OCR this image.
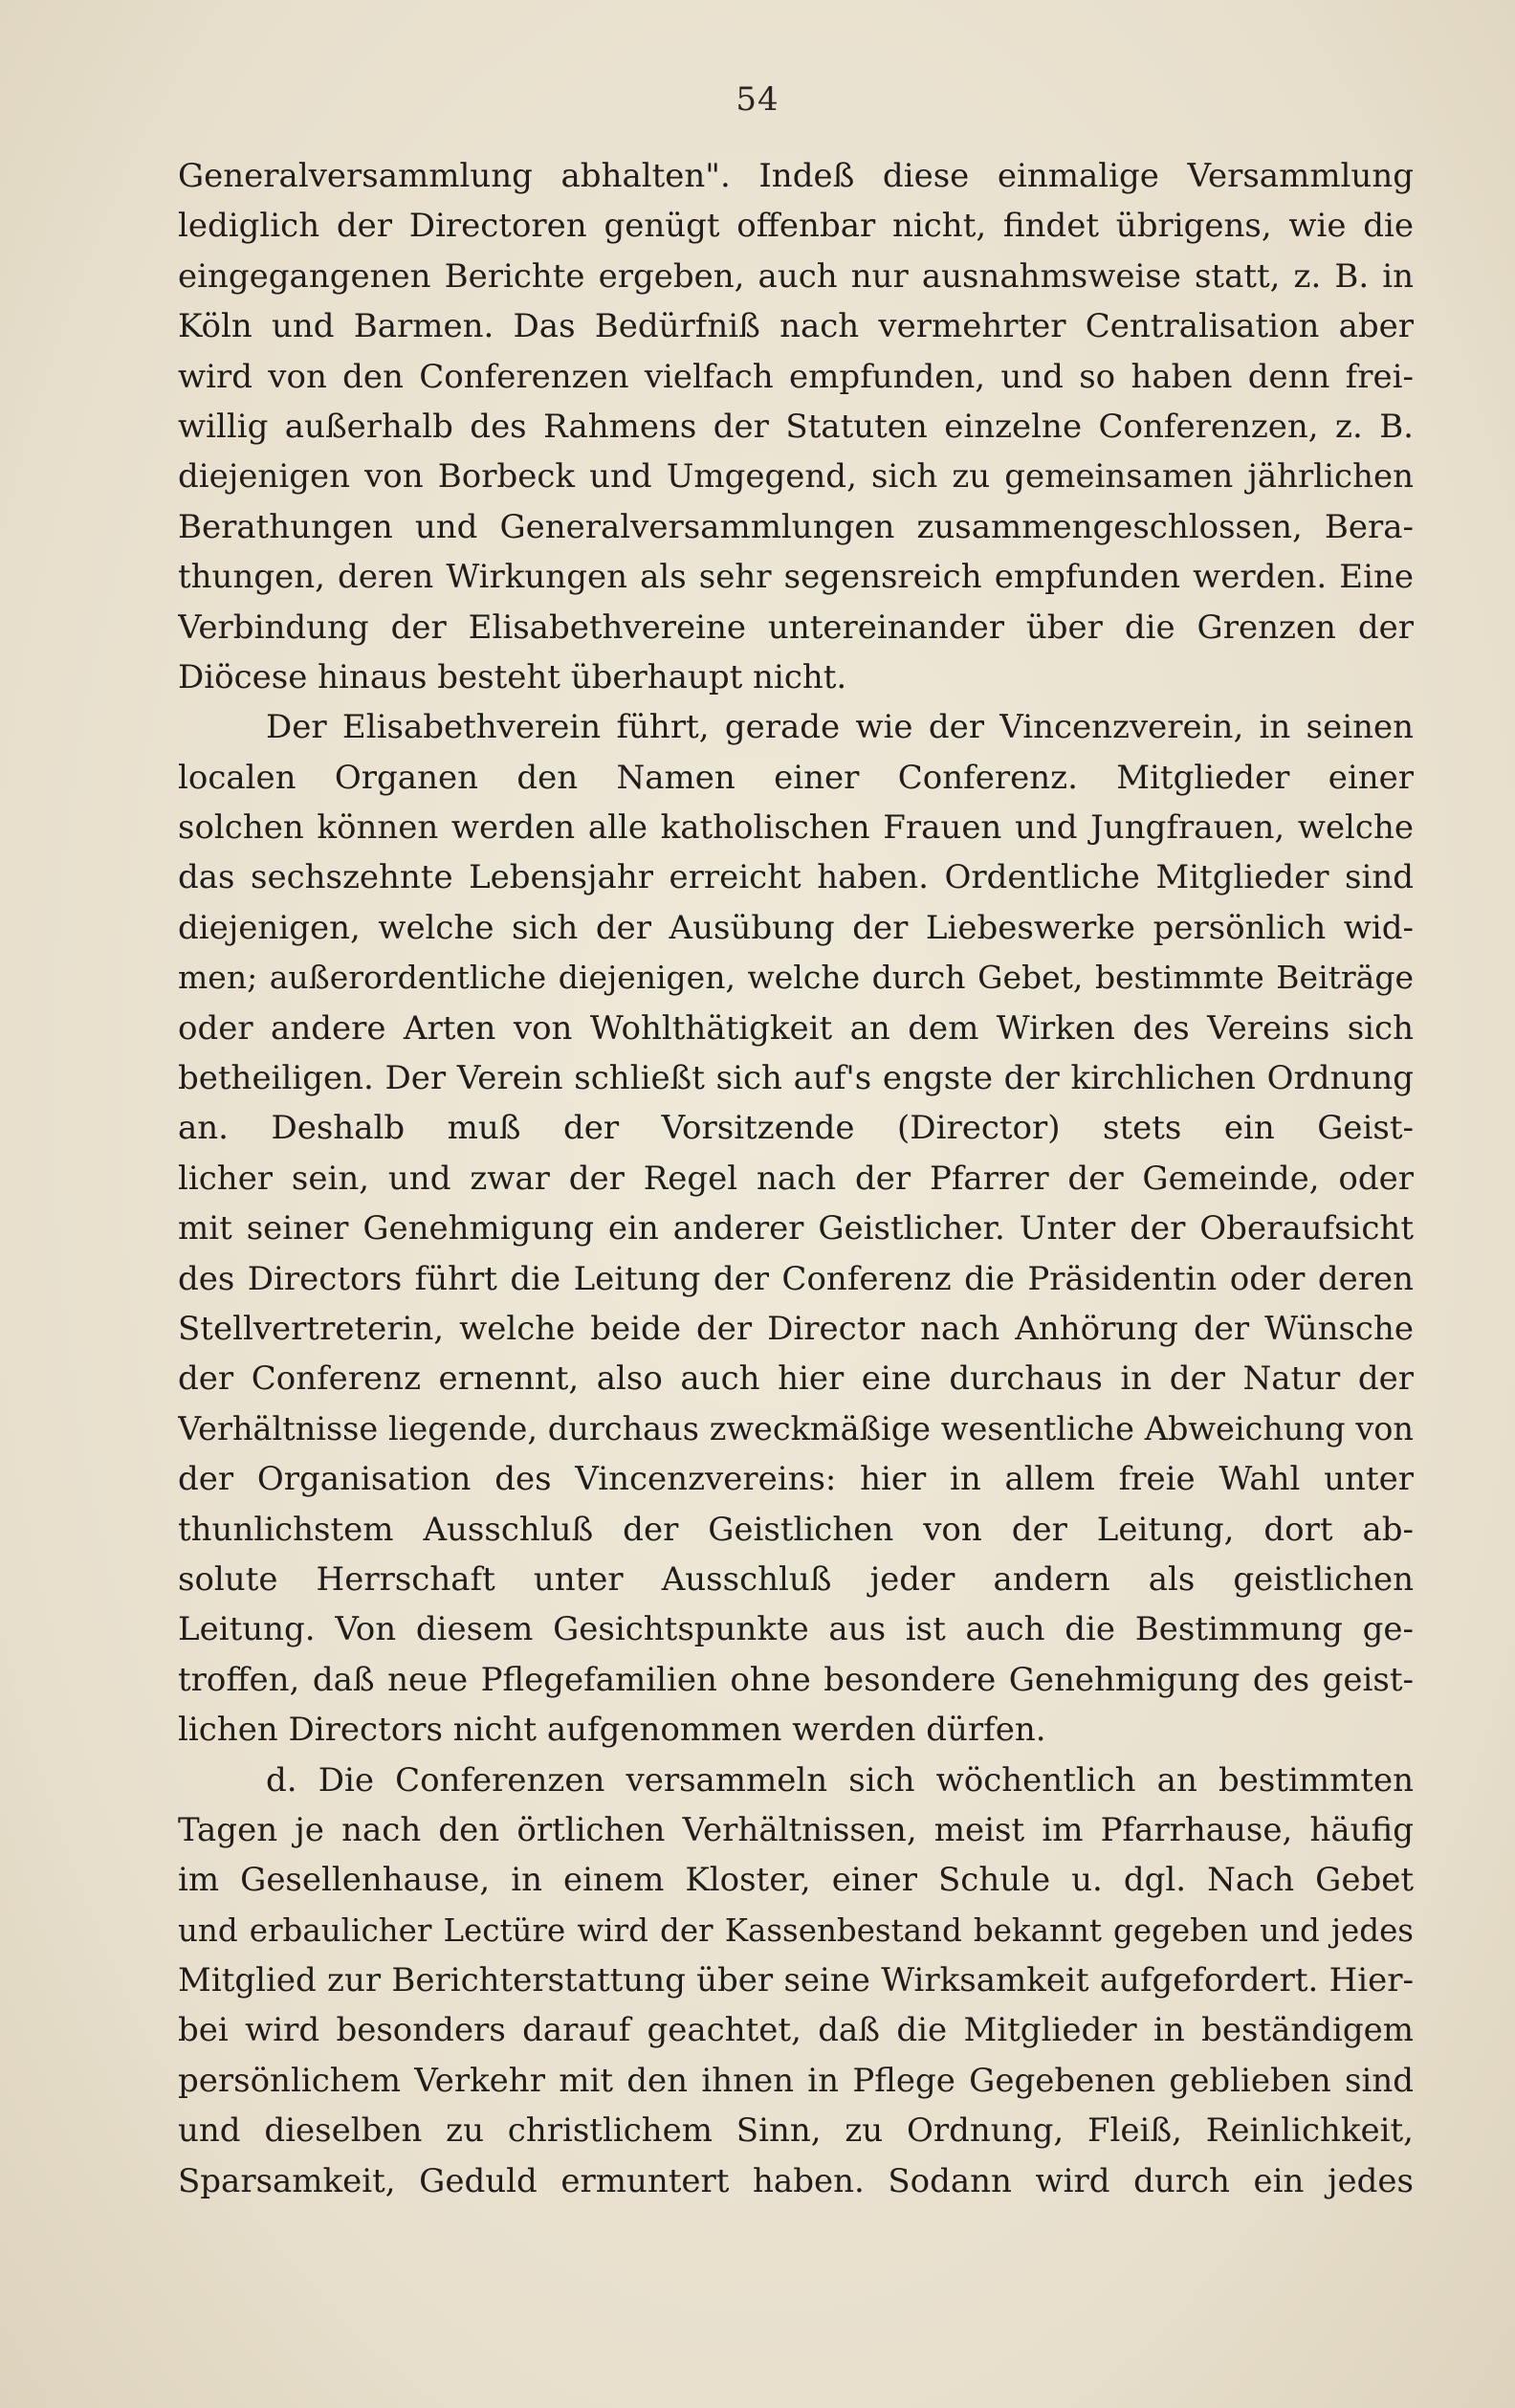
54
Generalversammlung abhalten". Indeß diese einmalige Versammlung
lediglich der Directoren genügt offenbar nicht, findet übrigens, wie die
eingegangenen Berichte ergeben, auch nur ausnahmsweise statt, z. B. in
Köln und Barmen. Das Bedürfniß nach vermehrter Centralisation aber
wird von den Conferenzen vielfach empfunden, und so haben denn frei-
willig außerhalb des Rahmens der Statuten einzelne Conferenzen, z. B.
diejenigen von Borbeck und Umgegend, sich zu gemeinsamen jährlichen
Berathungen und Generalversammlungen zusammengeschlossen, Bera-
thungen, deren Wirkungen als sehr segensreich empfunden werden. Eine
Verbindung der Elisabethvereine untereinander über die Grenzen der
Diöcese hinaus besteht überhaupt nicht.
Der Elisabethverein führt, gerade wie der Vincenzverein, in seinen
localen Organen den Namen einer Conferenz. Mitglieder einer
solchen können werden alle katholischen Frauen und Jungfrauen, welche
das sechszehnte Lebensjahr erreicht haben. Ordentliche Mitglieder sind
diejenigen, welche sich der Ausübung der Liebeswerke persönlich wid-
men; außerordentliche diejenigen, welche durch Gebet, bestimmte Beiträge
oder andere Arten von Wohlthätigkeit an dem Wirken des Vereins sich
betheiligen. Der Verein schließt sich auf's engste der kirchlichen Ordnung
an. Deshalb muß der Vorsitzende (Director) stets ein Geist-
licher sein, und zwar der Regel nach der Pfarrer der Gemeinde, oder
mit seiner Genehmigung ein anderer Geistlicher. Unter der Oberaufsicht
des Directors führt die Leitung der Conferenz die Präsidentin oder deren
Stellvertreterin, welche beide der Director nach Anhörung der Wünsche
der Conferenz ernennt, also auch hier eine durchaus in der Natur der
Verhältnisse liegende, durchaus zweckmäßige wesentliche Abweichung von
der Organisation des Vincenzvereins: hier in allem freie Wahl unter
thunlichstem Ausschluß der Geistlichen von der Leitung, dort ab-
solute Herrschaft unter Ausschluß jeder andern als geistlichen
Leitung. Von diesem Gesichtspunkte aus ist auch die Bestimmung ge-
troffen, daß neue Pflegefamilien ohne besondere Genehmigung des geist-
lichen Directors nicht aufgenommen werden dürfen.
d. Die Conferenzen versammeln sich wöchentlich an bestimmten
Tagen je nach den örtlichen Verhältnissen, meist im Pfarrhause, häufig
im Gesellenhause, in einem Kloster, einer Schule u. dgl. Nach Gebet
und erbaulicher Lectüre wird der Kassenbestand bekannt gegeben und jedes
Mitglied zur Berichterstattung über seine Wirksamkeit aufgefordert. Hier-
bei wird besonders darauf geachtet, daß die Mitglieder in beständigem
persönlichem Verkehr mit den ihnen in Pflege Gegebenen geblieben sind
und dieselben zu christlichem Sinn, zu Ordnung, Fleiß, Reinlichkeit,
Sparsamkeit, Geduld ermuntert haben. Sodann wird durch ein jedes
